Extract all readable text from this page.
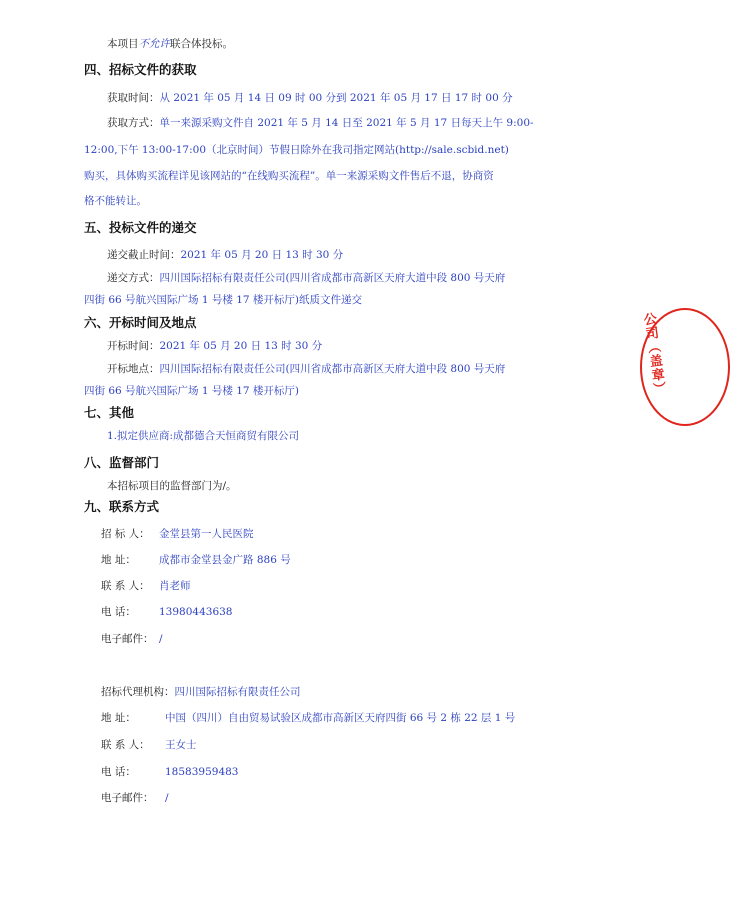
本项目不允许联合体投标。
四、招标文件的获取
获取时间：从 2021 年 05 月 14 日 09 时 00 分到 2021 年 05 月 17 日 17 时 00 分
获取方式：单一来源采购文件自 2021 年 5 月 14 日至 2021 年 5 月 17 日每天上午 9:00-
12:00,下午 13:00-17:00（北京时间）节假日除外在我司指定网站(http://sale.scbid.net)
购买，具体购买流程详见该网站的“在线购买流程”。单一来源采购文件售后不退，协商资
格不能转让。
五、投标文件的递交
递交截止时间：2021 年 05 月 20 日 13 时 30 分
递交方式：四川国际招标有限责任公司(四川省成都市高新区天府大道中段 800 号天府
四街 66 号航兴国际广场 1 号楼 17 楼开标厅)纸质文件递交
六、开标时间及地点
开标时间：2021 年 05 月 20 日 13 时 30 分
开标地点：四川国际招标有限责任公司(四川省成都市高新区天府大道中段 800 号天府
四街 66 号航兴国际广场 1 号楼 17 楼开标厅)
七、其他
1.拟定供应商:成都德合天恒商贸有限公司
八、监督部门
本招标项目的监督部门为/。
九、联系方式
招 标 人： 金堂县第一人民医院
地 址： 成都市金堂县金广路 886 号
联 系 人： 肖老师
电 话： 13980443638
电子邮件： /
招标代理机构：四川国际招标有限责任公司
地 址：	中国（四川）自由贸易试验区成都市高新区天府四街 66 号 2 栋 22 层 1 号
联 系 人： 王女士
电 话：	18583959483
电子邮件： /
公司（盖章）
